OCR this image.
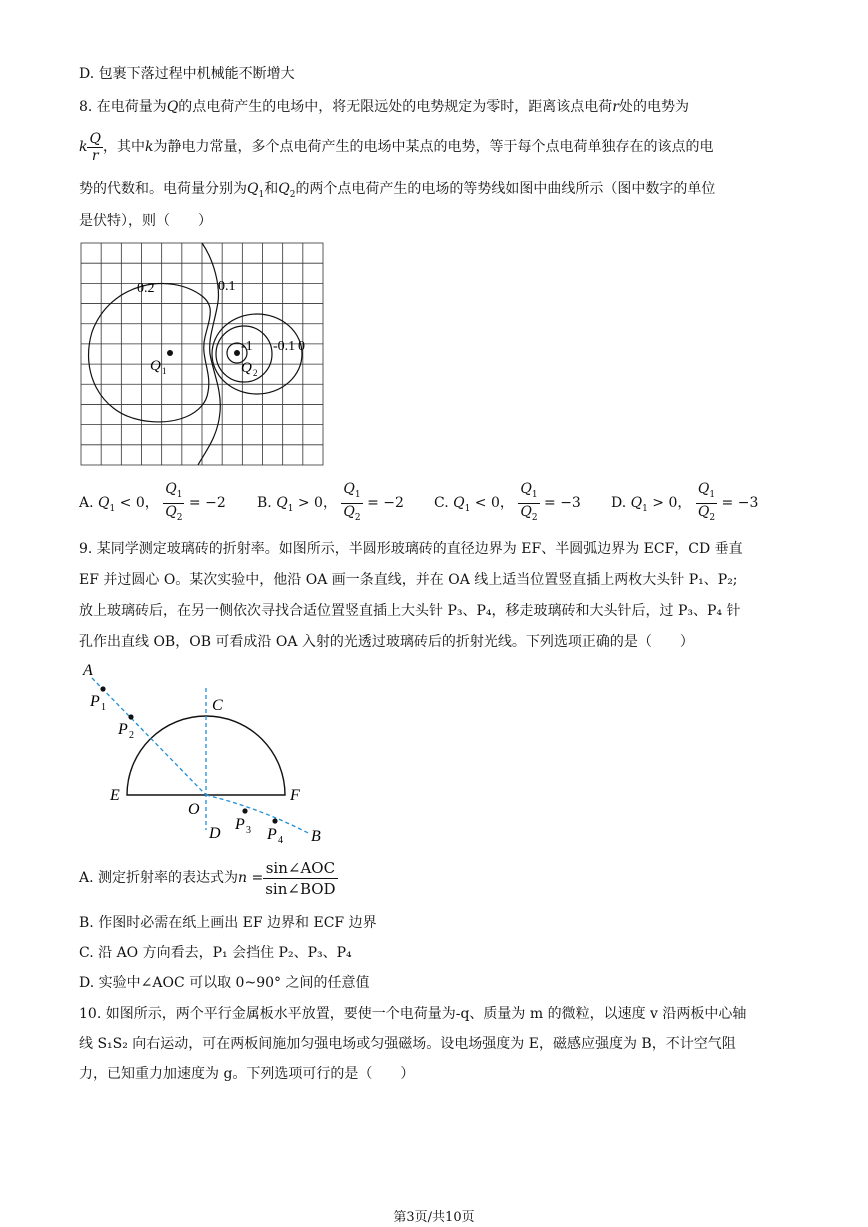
D. 包裹下落过程中机械能不断增大
8. 在电荷量为Q的点电荷产生的电场中，将无限远处的电势规定为零时，距离该点电荷r处的电势为
k $\frac{Q}{r}$ ，其中k为静电力常量，多个点电荷产生的电场中某点的电势，等于每个点电荷单独存在的该点的电
势的代数和。电荷量分别为$Q_1$和$Q_2$的两个点电荷产生的电场的等势线如图中曲线所示（图中数字的单位
是伏特），则（　　）
0.2	0.1
-1 -0.1 0
Q 1	Q 2
A. $Q_1 < 0$， $\frac{Q_1}{Q_2} = -2$ B. $Q_1 > 0$， $\frac{Q_1}{Q_2} = -2$ C. $Q_1 < 0$， $\frac{Q_1}{Q_2} = -3$ D. $Q_1 > 0$， $\frac{Q_1}{Q_2} = -3$
9. 某同学测定玻璃砖的折射率。如图所示，半圆形玻璃砖的直径边界为 EF、半圆弧边界为 ECF，CD 垂直
EF 并过圆心 O。某次实验中，他沿 OA 画一条直线，并在 OA 线上适当位置竖直插上两枚大头针 P₁、P₂;
放上玻璃砖后，在另一侧依次寻找合适位置竖直插上大头针 P₃、P₄，移走玻璃砖和大头针后，过 P₃、P₄ 针
孔作出直线 OB，OB 可看成沿 OA 入射的光透过玻璃砖后的折射光线。下列选项正确的是（　　）
A
P 1
P 2
C
E
O
F
D
P 3 P 4 B
A. 测定折射率的表达式为$n = \frac{\text{sin∠AOC}}{\text{sin∠BOD}}$
B. 作图时必需在纸上画出 EF 边界和 ECF 边界
C. 沿 AO 方向看去，P₁ 会挡住 P₂、P₃、P₄
D. 实验中∠AOC 可以取 0~90° 之间的任意值
10. 如图所示，两个平行金属板水平放置，要使一个电荷量为-q、质量为 m 的微粒，以速度 v 沿两板中心轴
线 S₁S₂ 向右运动，可在两板间施加匀强电场或匀强磁场。设电场强度为 E，磁感应强度为 B，不计空气阻
力，已知重力加速度为 g。下列选项可行的是（　　）
第3页/共10页
